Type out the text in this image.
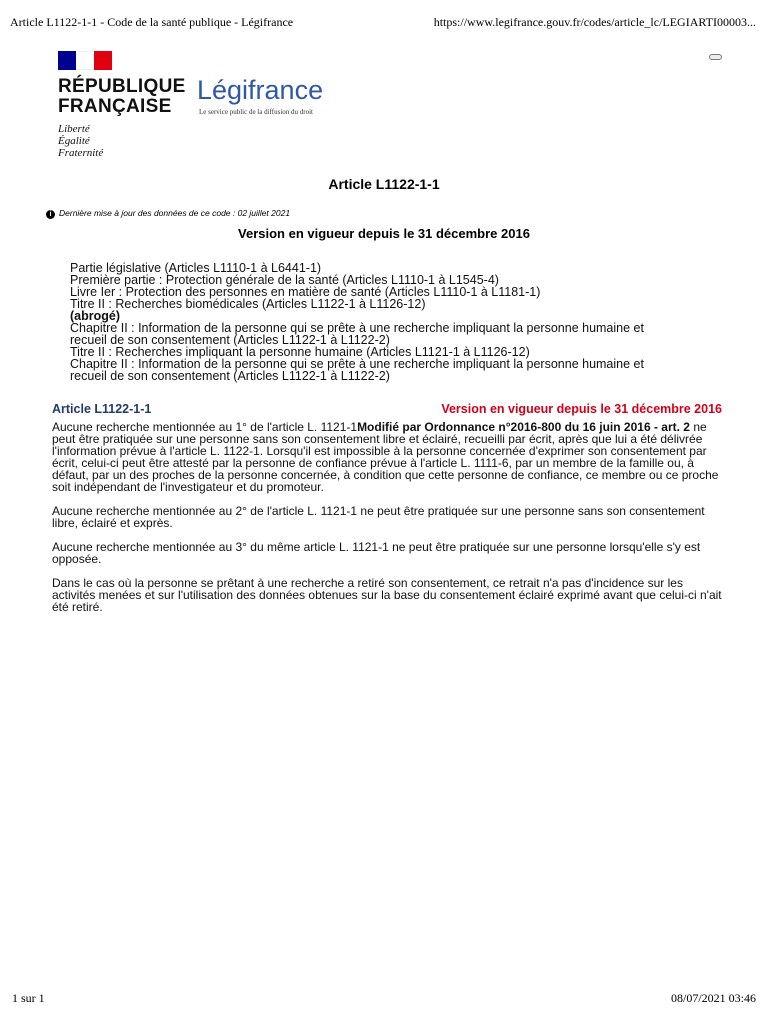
Article L1122-1-1 - Code de la santé publique - Légifrance	https://www.legifrance.gouv.fr/codes/article_lc/LEGIARTI00003...
RÉPUBLIQUE
FRANÇAISE
Liberté
Égalité
Fraternité
Légifrance
Le service public de la diffusion du droit
Article L1122-1-1
i Dernière mise à jour des données de ce code : 02 juillet 2021
Version en vigueur depuis le 31 décembre 2016
Partie législative (Articles L1110-1 à L6441-1)
Première partie : Protection générale de la santé (Articles L1110-1 à L1545-4)
Livre Ier : Protection des personnes en matière de santé (Articles L1110-1 à L1181-1)
Titre II : Recherches biomédicales (Articles L1122-1 à L1126-12)
(abrogé)
Chapitre II : Information de la personne qui se prête à une recherche impliquant la personne humaine et
recueil de son consentement (Articles L1122-1 à L1122-2)
Titre II : Recherches impliquant la personne humaine (Articles L1121-1 à L1126-12)
Chapitre II : Information de la personne qui se prête à une recherche impliquant la personne humaine et
recueil de son consentement (Articles L1122-1 à L1122-2)
Article L1122-1-1	Version en vigueur depuis le 31 décembre 2016

Aucune recherche mentionnée au 1° de l'article L. 1121-1Modifié par Ordonnance n°2016-800 du 16 juin 2016 - art. 2 ne peut être pratiquée sur une personne sans son consentement libre et éclairé, recueilli par écrit, après que lui a été délivrée l'information prévue à l'article L. 1122-1. Lorsqu'il est impossible à la personne concernée d'exprimer son consentement par écrit, celui-ci peut être attesté par la personne de confiance prévue à l'article L. 1111-6, par un membre de la famille ou, à défaut, par un des proches de la personne concernée, à condition que cette personne de confiance, ce membre ou ce proche soit indépendant de l'investigateur et du promoteur.

Aucune recherche mentionnée au 2° de l'article L. 1121-1 ne peut être pratiquée sur une personne sans son consentement libre, éclairé et exprès.

Aucune recherche mentionnée au 3° du même article L. 1121-1 ne peut être pratiquée sur une personne lorsqu'elle s'y est opposée.

Dans le cas où la personne se prêtant à une recherche a retiré son consentement, ce retrait n'a pas d'incidence sur les activités menées et sur l'utilisation des données obtenues sur la base du consentement éclairé exprimé avant que celui-ci n'ait été retiré.

1 sur 1	08/07/2021 03:46
